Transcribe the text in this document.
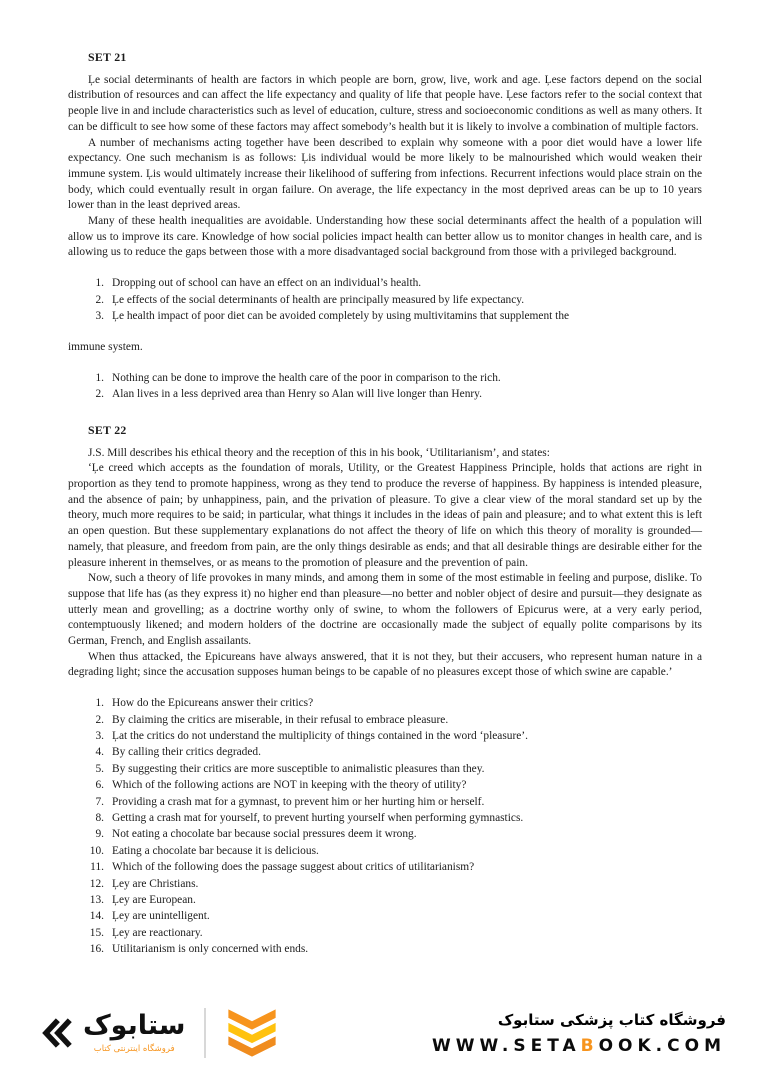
SET 21

Ļe social determinants of health are factors in which people are born, grow, live, work and age. Ļese factors depend on the social distribution of resources and can affect the life expectancy and quality of life that people have. Ļese factors refer to the social context that people live in and include characteristics such as level of education, culture, stress and socioeconomic conditions as well as many others. It can be difficult to see how some of these factors may affect somebody’s health but it is likely to involve a combination of multiple factors.

A number of mechanisms acting together have been described to explain why someone with a poor diet would have a lower life expectancy. One such mechanism is as follows: Ļis individual would be more likely to be malnourished which would weaken their immune system. Ļis would ultimately increase their likelihood of suffering from infections. Recurrent infections would place strain on the body, which could eventually result in organ failure. On average, the life expectancy in the most deprived areas can be up to 10 years lower than in the least deprived areas.

Many of these health inequalities are avoidable. Understanding how these social determinants affect the health of a population will allow us to improve its care. Knowledge of how social policies impact health can better allow us to monitor changes in health care, and is allowing us to reduce the gaps between those with a more disadvantaged social background from those with a privileged background.

1. Dropping out of school can have an effect on an individual’s health.
2. Ļe effects of the social determinants of health are principally measured by life expectancy.
3. Ļe health impact of poor diet can be avoided completely by using multivitamins that supplement the

immune system.

1. Nothing can be done to improve the health care of the poor in comparison to the rich.
2. Alan lives in a less deprived area than Henry so Alan will live longer than Henry.
SET 22

J.S. Mill describes his ethical theory and the reception of this in his book, ‘Utilitarianism’, and states:

‘Ļe creed which accepts as the foundation of morals, Utility, or the Greatest Happiness Principle, holds that actions are right in proportion as they tend to promote happiness, wrong as they tend to produce the reverse of happiness. By happiness is intended pleasure, and the absence of pain; by unhappiness, pain, and the privation of pleasure. To give a clear view of the moral standard set up by the theory, much more requires to be said; in particular, what things it includes in the ideas of pain and pleasure; and to what extent this is left an open question. But these supplementary explanations do not affect the theory of life on which this theory of morality is grounded—namely, that pleasure, and freedom from pain, are the only things desirable as ends; and that all desirable things are desirable either for the pleasure inherent in themselves, or as means to the promotion of pleasure and the prevention of pain.

Now, such a theory of life provokes in many minds, and among them in some of the most estimable in feeling and purpose, dislike. To suppose that life has (as they express it) no higher end than pleasure—no better and nobler object of desire and pursuit—they designate as utterly mean and grovelling; as a doctrine worthy only of swine, to whom the followers of Epicurus were, at a very early period, contemptuously likened; and modern holders of the doctrine are occasionally made the subject of equally polite comparisons by its German, French, and English assailants.

When thus attacked, the Epicureans have always answered, that it is not they, but their accusers, who represent human nature in a degrading light; since the accusation supposes human beings to be capable of no pleasures except those of which swine are capable.’

1. How do the Epicureans answer their critics?
2. By claiming the critics are miserable, in their refusal to embrace pleasure.
3. Ļat the critics do not understand the multiplicity of things contained in the word ‘pleasure’.
4. By calling their critics degraded.
5. By suggesting their critics are more susceptible to animalistic pleasures than they.
6. Which of the following actions are NOT in keeping with the theory of utility?
7. Providing a crash mat for a gymnast, to prevent him or her hurting him or herself.
8. Getting a crash mat for yourself, to prevent hurting yourself when performing gymnastics.
9. Not eating a chocolate bar because social pressures deem it wrong.
10. Eating a chocolate bar because it is delicious.
11. Which of the following does the passage suggest about critics of utilitarianism?
12. Ļey are Christians.
13. Ļey are European.
14. Ļey are unintelligent.
15. Ļey are reactionary.
16. Utilitarianism is only concerned with ends.
ستابوک
فروشگاه اینترنتی کتاب
فروشگاه کتاب پزشکی ستابوک
WWW.SETABOOK.COM
